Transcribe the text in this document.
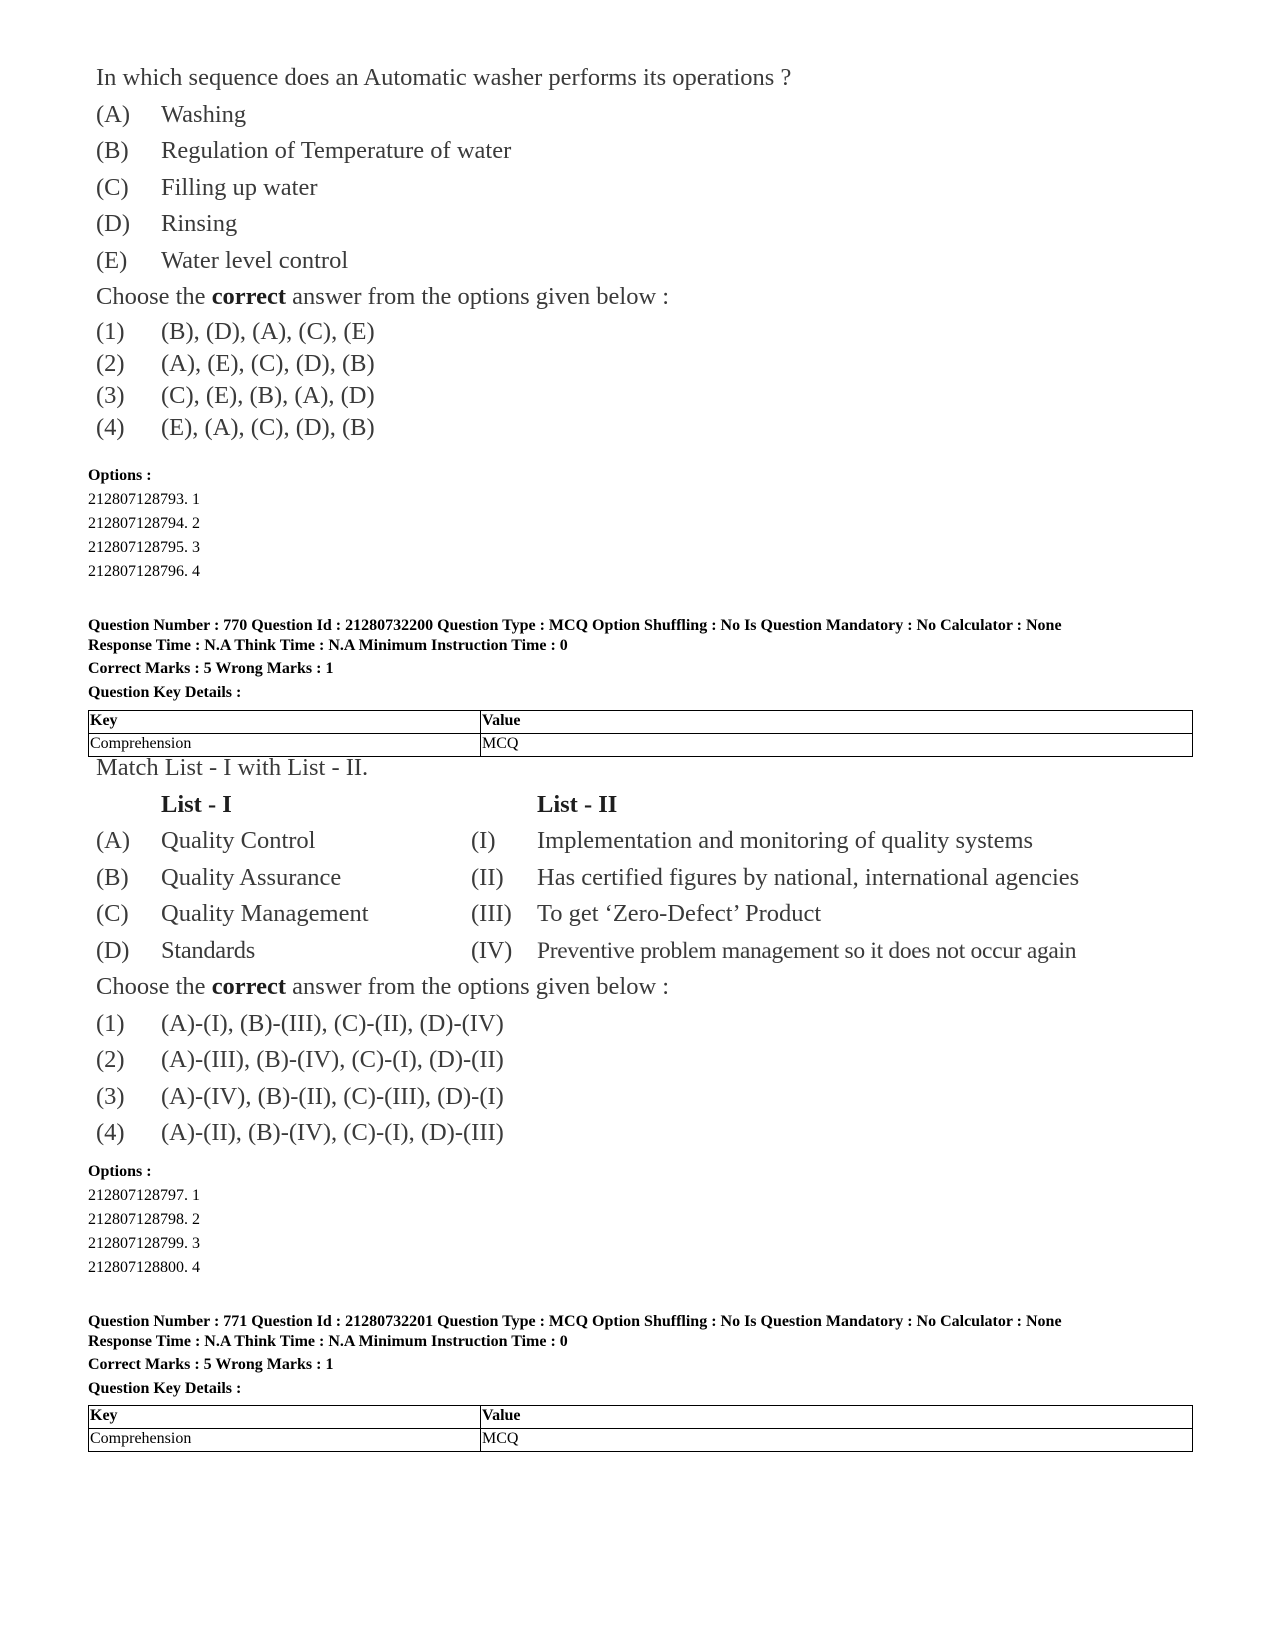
In which sequence does an Automatic washer performs its operations ?
(A)	Washing
(B)	Regulation of Temperature of water
(C)	Filling up water
(D)	Rinsing
(E)	Water level control
Choose the correct answer from the options given below :
(1)	(B), (D), (A), (C), (E)
(2)	(A), (E), (C), (D), (B)
(3)	(C), (E), (B), (A), (D)
(4)	(E), (A), (C), (D), (B)
Options :
212807128793. 1
212807128794. 2
212807128795. 3
212807128796. 4
Question Number : 770 Question Id : 21280732200 Question Type : MCQ Option Shuffling : No Is Question Mandatory : No Calculator : None
Response Time : N.A Think Time : N.A Minimum Instruction Time : 0
Correct Marks : 5 Wrong Marks : 1
Question Key Details :
Key	Value
Comprehension	MCQ
Match List - I with List - II.
List - I	List - II
(A)	Quality Control	(I)	Implementation and monitoring of quality systems
(B)	Quality Assurance	(II)	Has certified figures by national, international agencies
(C)	Quality Management	(III)	To get ‘Zero-Defect’ Product
(D)	Standards	(IV)	Preventive problem management so it does not occur again
Choose the correct answer from the options given below :
(1)	(A)-(I), (B)-(III), (C)-(II), (D)-(IV)
(2)	(A)-(III), (B)-(IV), (C)-(I), (D)-(II)
(3)	(A)-(IV), (B)-(II), (C)-(III), (D)-(I)
(4)	(A)-(II), (B)-(IV), (C)-(I), (D)-(III)
Options :
212807128797. 1
212807128798. 2
212807128799. 3
212807128800. 4
Question Number : 771 Question Id : 21280732201 Question Type : MCQ Option Shuffling : No Is Question Mandatory : No Calculator : None
Response Time : N.A Think Time : N.A Minimum Instruction Time : 0
Correct Marks : 5 Wrong Marks : 1
Question Key Details :
Key	Value
Comprehension	MCQ
